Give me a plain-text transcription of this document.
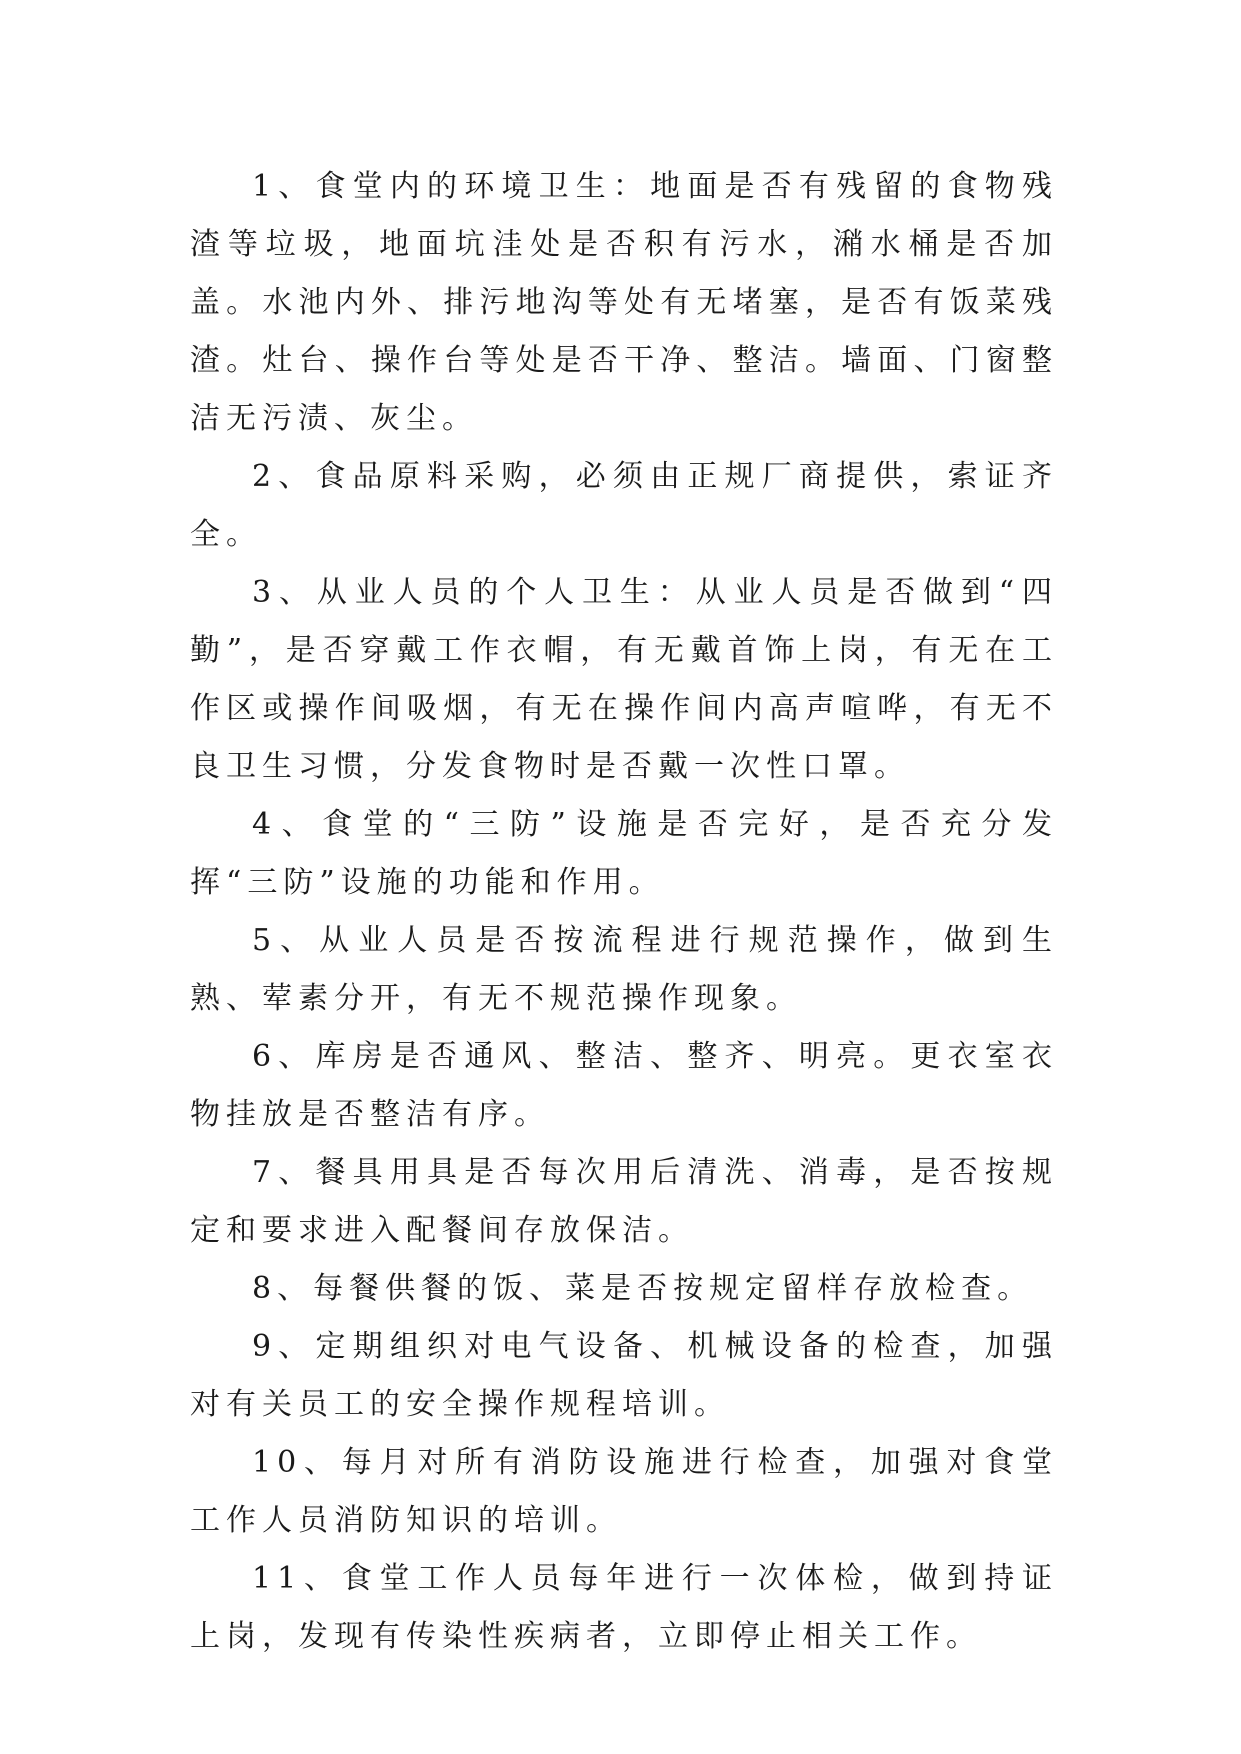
1、食堂内的环境卫生：地面是否有残留的食物残渣等垃圾，地面坑洼处是否积有污水，潲水桶是否加盖。水池内外、排污地沟等处有无堵塞，是否有饭菜残渣。灶台、操作台等处是否干净、整洁。墙面、门窗整洁无污渍、灰尘。

2、食品原料采购，必须由正规厂商提供，索证齐全。

3、从业人员的个人卫生：从业人员是否做到“四勤”，是否穿戴工作衣帽，有无戴首饰上岗，有无在工作区或操作间吸烟，有无在操作间内高声喧哗，有无不良卫生习惯，分发食物时是否戴一次性口罩。

4、食堂的“三防”设施是否完好，是否充分发挥“三防”设施的功能和作用。

5、从业人员是否按流程进行规范操作，做到生熟、荤素分开，有无不规范操作现象。

6、库房是否通风、整洁、整齐、明亮。更衣室衣物挂放是否整洁有序。

7、餐具用具是否每次用后清洗、消毒，是否按规定和要求进入配餐间存放保洁。

8、每餐供餐的饭、菜是否按规定留样存放检查。

9、定期组织对电气设备、机械设备的检查，加强对有关员工的安全操作规程培训。

10、每月对所有消防设施进行检查，加强对食堂工作人员消防知识的培训。

11、食堂工作人员每年进行一次体检，做到持证上岗，发现有传染性疾病者，立即停止相关工作。
